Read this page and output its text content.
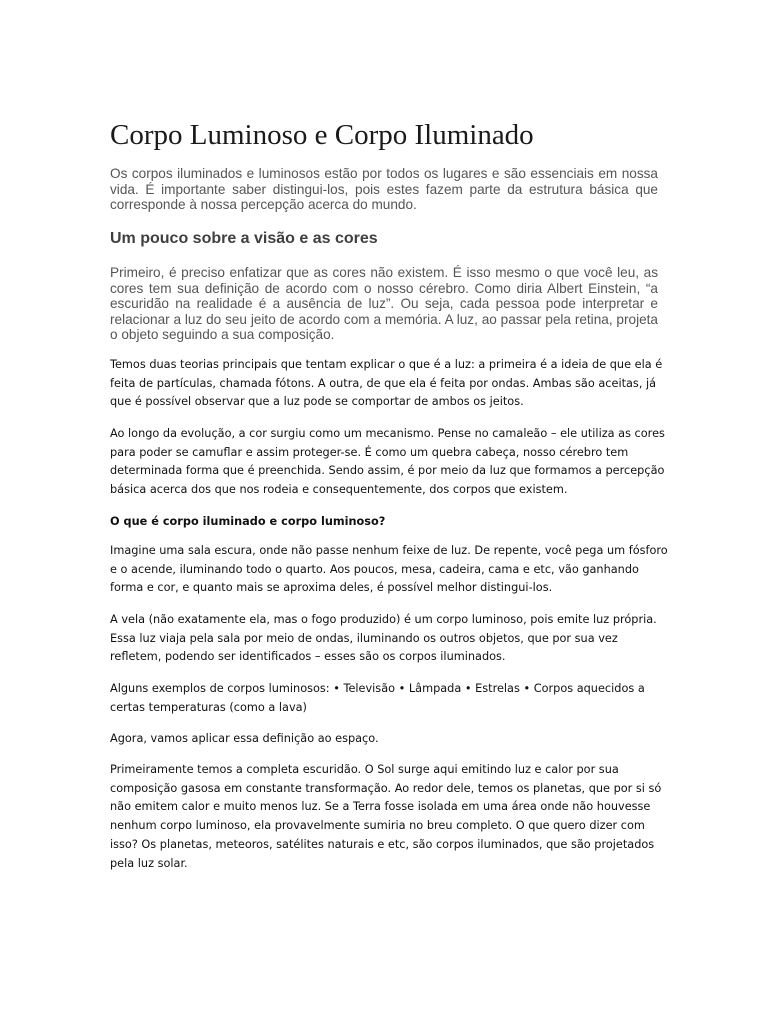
Corpo Luminoso e Corpo Iluminado

Os corpos iluminados e luminosos estão por todos os lugares e são essenciais em nossa vida. É importante saber distingui-los, pois estes fazem parte da estrutura básica que corresponde à nossa percepção acerca do mundo.

Um pouco sobre a visão e as cores

Primeiro, é preciso enfatizar que as cores não existem. É isso mesmo o que você leu, as cores tem sua definição de acordo com o nosso cérebro. Como diria Albert Einstein, “a escuridão na realidade é a ausência de luz”. Ou seja, cada pessoa pode interpretar e relacionar a luz do seu jeito de acordo com a memória. A luz, ao passar pela retina, projeta o objeto seguindo a sua composição.

Temos duas teorias principais que tentam explicar o que é a luz: a primeira é a ideia de que ela é feita de partículas, chamada fótons. A outra, de que ela é feita por ondas. Ambas são aceitas, já que é possível observar que a luz pode se comportar de ambos os jeitos.

Ao longo da evolução, a cor surgiu como um mecanismo. Pense no camaleão – ele utiliza as cores para poder se camuflar e assim proteger-se. É como um quebra cabeça, nosso cérebro tem determinada forma que é preenchida. Sendo assim, é por meio da luz que formamos a percepção básica acerca dos que nos rodeia e consequentemente, dos corpos que existem.

O que é corpo iluminado e corpo luminoso?

Imagine uma sala escura, onde não passe nenhum feixe de luz. De repente, você pega um fósforo e o acende, iluminando todo o quarto. Aos poucos, mesa, cadeira, cama e etc, vão ganhando forma e cor, e quanto mais se aproxima deles, é possível melhor distingui-los.

A vela (não exatamente ela, mas o fogo produzido) é um corpo luminoso, pois emite luz própria. Essa luz viaja pela sala por meio de ondas, iluminando os outros objetos, que por sua vez refletem, podendo ser identificados – esses são os corpos iluminados.

Alguns exemplos de corpos luminosos: • Televisão • Lâmpada • Estrelas • Corpos aquecidos a certas temperaturas (como a lava)

Agora, vamos aplicar essa definição ao espaço.

Primeiramente temos a completa escuridão. O Sol surge aqui emitindo luz e calor por sua composição gasosa em constante transformação. Ao redor dele, temos os planetas, que por si só não emitem calor e muito menos luz. Se a Terra fosse isolada em uma área onde não houvesse nenhum corpo luminoso, ela provavelmente sumiria no breu completo. O que quero dizer com isso? Os planetas, meteoros, satélites naturais e etc, são corpos iluminados, que são projetados pela luz solar.
